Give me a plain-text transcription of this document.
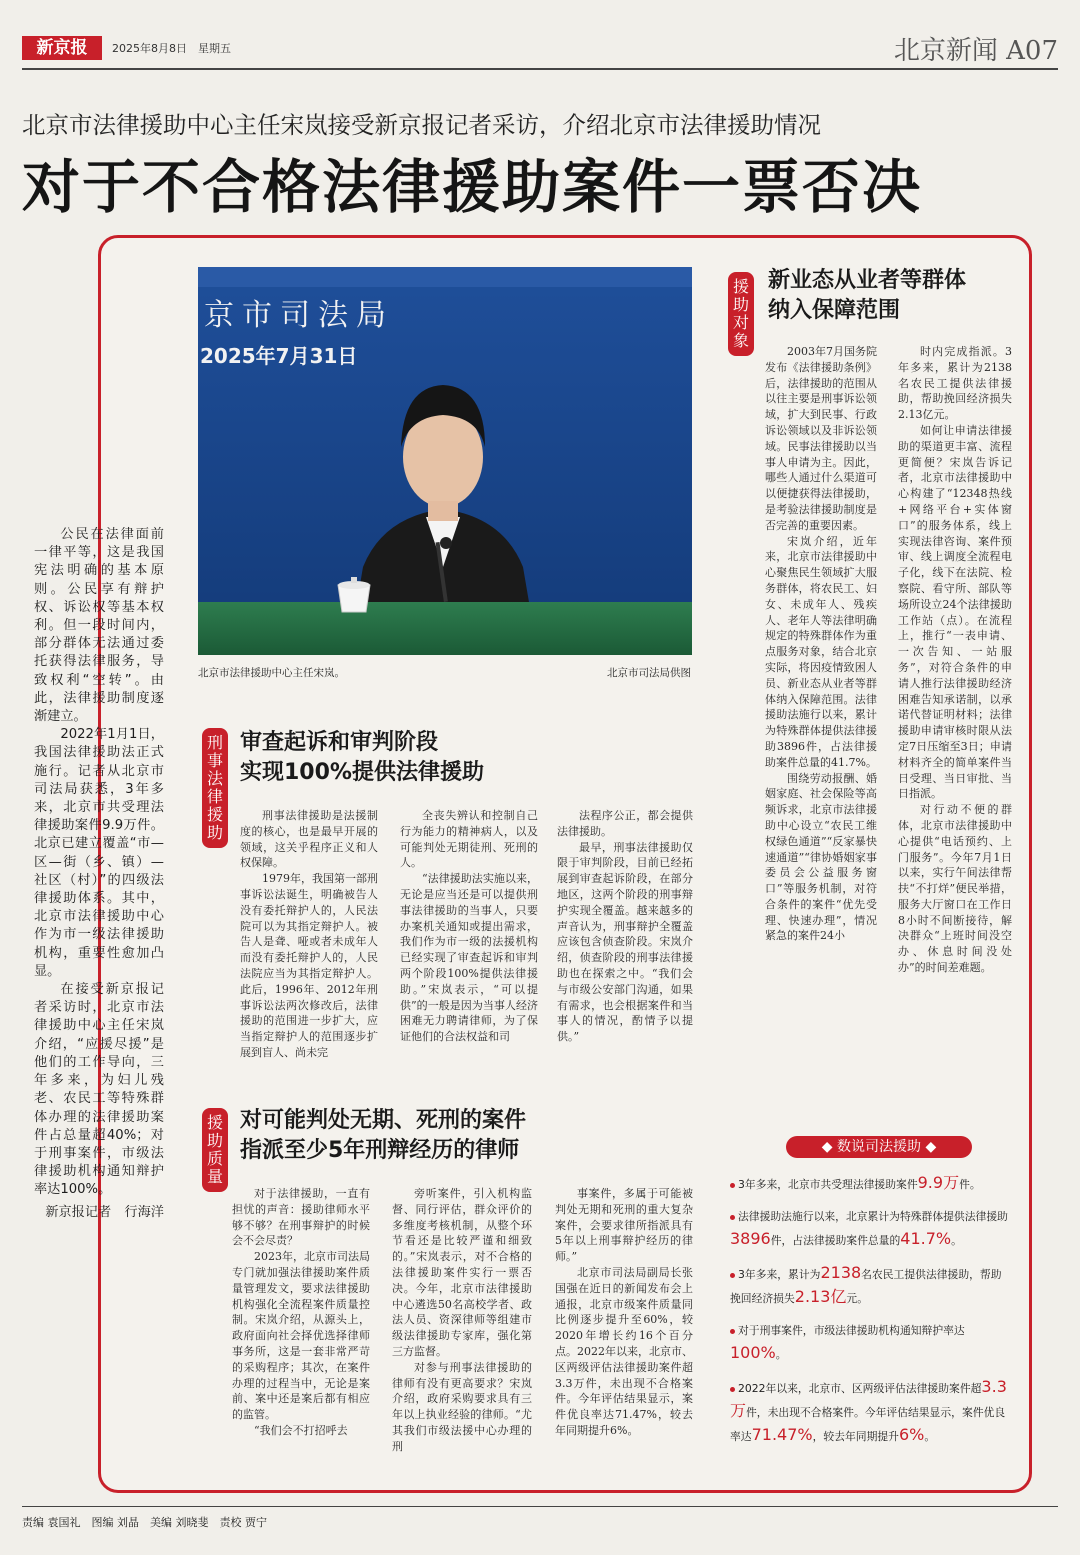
新京报	2025年8月8日　星期五	北京新闻 A07
北京市法律援助中心主任宋岚接受新京报记者采访，介绍北京市法律援助情况
对于不合格法律援助案件一票否决

公民在法律面前一律平等，这是我国宪法明确的基本原则。公民享有辩护权、诉讼权等基本权利。但一段时间内，部分群体无法通过委托获得法律服务，导致权利“空转”。由此，法律援助制度逐渐建立。

2022年1月1日，我国法律援助法正式施行。记者从北京市司法局获悉，3年多来，北京市共受理法律援助案件9.9万件。北京已建立覆盖“市—区—街（乡、镇）—社区（村）”的四级法律援助体系。其中，北京市法律援助中心作为市一级法律援助机构，重要性愈加凸显。

在接受新京报记者采访时，北京市法律援助中心主任宋岚介绍，“应援尽援”是他们的工作导向，三年多来，为妇儿残老、农民工等特殊群体办理的法律援助案件占总量超40%；对于刑事案件，市级法律援助机构通知辩护率达100%。

新京报记者　行海洋

京市司法局
2025年7月31日
北京市法律援助中心主任宋岚。	北京市司法局供图
刑事法律援助
审查起诉和审判阶段
实现100%提供法律援助

刑事法律援助是法援制度的核心，也是最早开展的领域，这关乎程序正义和人权保障。

1979年，我国第一部刑事诉讼法诞生，明确被告人没有委托辩护人的，人民法院可以为其指定辩护人。被告人是聋、哑或者未成年人而没有委托辩护人的，人民法院应当为其指定辩护人。此后，1996年、2012年刑事诉讼法两次修改后，法律援助的范围进一步扩大，应当指定辩护人的范围逐步扩展到盲人、尚未完

全丧失辨认和控制自己行为能力的精神病人，以及可能判处无期徒刑、死刑的人。

“法律援助法实施以来，无论是应当还是可以提供刑事法律援助的当事人，只要办案机关通知或提出需求，我们作为市一级的法援机构已经实现了审查起诉和审判两个阶段100%提供法律援助。”宋岚表示，“可以提供”的一般是因为当事人经济困难无力聘请律师，为了保证他们的合法权益和司

法程序公正，都会提供法律援助。

最早，刑事法律援助仅限于审判阶段，目前已经拓展到审查起诉阶段，在部分地区，这两个阶段的刑事辩护实现全覆盖。越来越多的声音认为，刑事辩护全覆盖应该包含侦查阶段。宋岚介绍，侦查阶段的刑事法律援助也在探索之中。“我们会与市级公安部门沟通，如果有需求，也会根据案件和当事人的情况，酌情予以提供。”

援助质量
对可能判处无期、死刑的案件
指派至少5年刑辩经历的律师

对于法律援助，一直有担忧的声音：援助律师水平够不够？在刑事辩护的时候会不会尽责？

2023年，北京市司法局专门就加强法律援助案件质量管理发文，要求法律援助机构强化全流程案件质量控制。宋岚介绍，从源头上，政府面向社会择优选择律师事务所，这是一套非常严苛的采购程序；其次，在案件办理的过程当中，无论是案前、案中还是案后都有相应的监管。

“我们会不打招呼去

旁听案件，引入机构监督、同行评估，群众评价的多维度考核机制，从整个环节看还是比较严谨和细致的。”宋岚表示，对不合格的法律援助案件实行一票否决。今年，北京市法律援助中心遴选50名高校学者、政法人员、资深律师等组建市级法律援助专家库，强化第三方监督。

对参与刑事法律援助的律师有没有更高要求？宋岚介绍，政府采购要求具有三年以上执业经验的律师。“尤其我们市级法援中心办理的刑

事案件，多属于可能被判处无期和死刑的重大复杂案件，会要求律所指派具有5年以上刑事辩护经历的律师。”

北京市司法局副局长张国强在近日的新闻发布会上通报，北京市级案件质量同比例逐步提升至60%，较2020年增长约16个百分点。2022年以来，北京市、区两级评估法律援助案件超3.3万件，未出现不合格案件。今年评估结果显示，案件优良率达71.47%，较去年同期提升6%。

援助对象
新业态从业者等群体
纳入保障范围

2003年7月国务院发布《法律援助条例》后，法律援助的范围从以往主要是刑事诉讼领域，扩大到民事、行政诉讼领域以及非诉讼领域。民事法律援助以当事人申请为主。因此，哪些人通过什么渠道可以便捷获得法律援助，是考验法律援助制度是否完善的重要因素。

宋岚介绍，近年来，北京市法律援助中心聚焦民生领域扩大服务群体，将农民工、妇女、未成年人、残疾人、老年人等法律明确规定的特殊群体作为重点服务对象，结合北京实际，将因疫情致困人员、新业态从业者等群体纳入保障范围。法律援助法施行以来，累计为特殊群体提供法律援助3896件，占法律援助案件总量的41.7%。

围绕劳动报酬、婚姻家庭、社会保险等高频诉求，北京市法律援助中心设立“农民工维权绿色通道”“反家暴快速通道”“律协婚姻家事委员会公益服务窗口”等服务机制，对符合条件的案件“优先受理、快速办理”，情况紧急的案件24小

时内完成指派。3年多来，累计为2138名农民工提供法律援助，帮助挽回经济损失2.13亿元。

如何让申请法律援助的渠道更丰富、流程更简便？宋岚告诉记者，北京市法律援助中心构建了“12348热线+网络平台+实体窗口”的服务体系，线上实现法律咨询、案件预审、线上调度全流程电子化，线下在法院、检察院、看守所、部队等场所设立24个法律援助工作站（点）。在流程上，推行“一表申请、一次告知、一站服务”，对符合条件的申请人推行法律援助经济困难告知承诺制，以承诺代替证明材料；法律援助申请审核时限从法定7日压缩至3日；申请材料齐全的简单案件当日受理、当日审批、当日指派。

对行动不便的群体，北京市法律援助中心提供“电话预约、上门服务”。今年7月1日以来，实行午间法律帮扶“不打烊”便民举措，服务大厅窗口在工作日8小时不间断接待，解决群众“上班时间没空办、休息时间没处办”的时间差难题。

◆ 数说司法援助 ◆
3年多来，北京市共受理法律援助案件9.9万件。
法律援助法施行以来，北京累计为特殊群体提供法律援助3896件，占法律援助案件总量的41.7%。
3年多来，累计为2138名农民工提供法律援助，帮助挽回经济损失2.13亿元。
对于刑事案件，市级法律援助机构通知辩护率达100%。
2022年以来，北京市、区两级评估法律援助案件超3.3万件，未出现不合格案件。今年评估结果显示，案件优良率达71.47%，较去年同期提升6%。
责编 袁国礼　图编 刘晶　美编 刘晓斐　责校 贾宁
